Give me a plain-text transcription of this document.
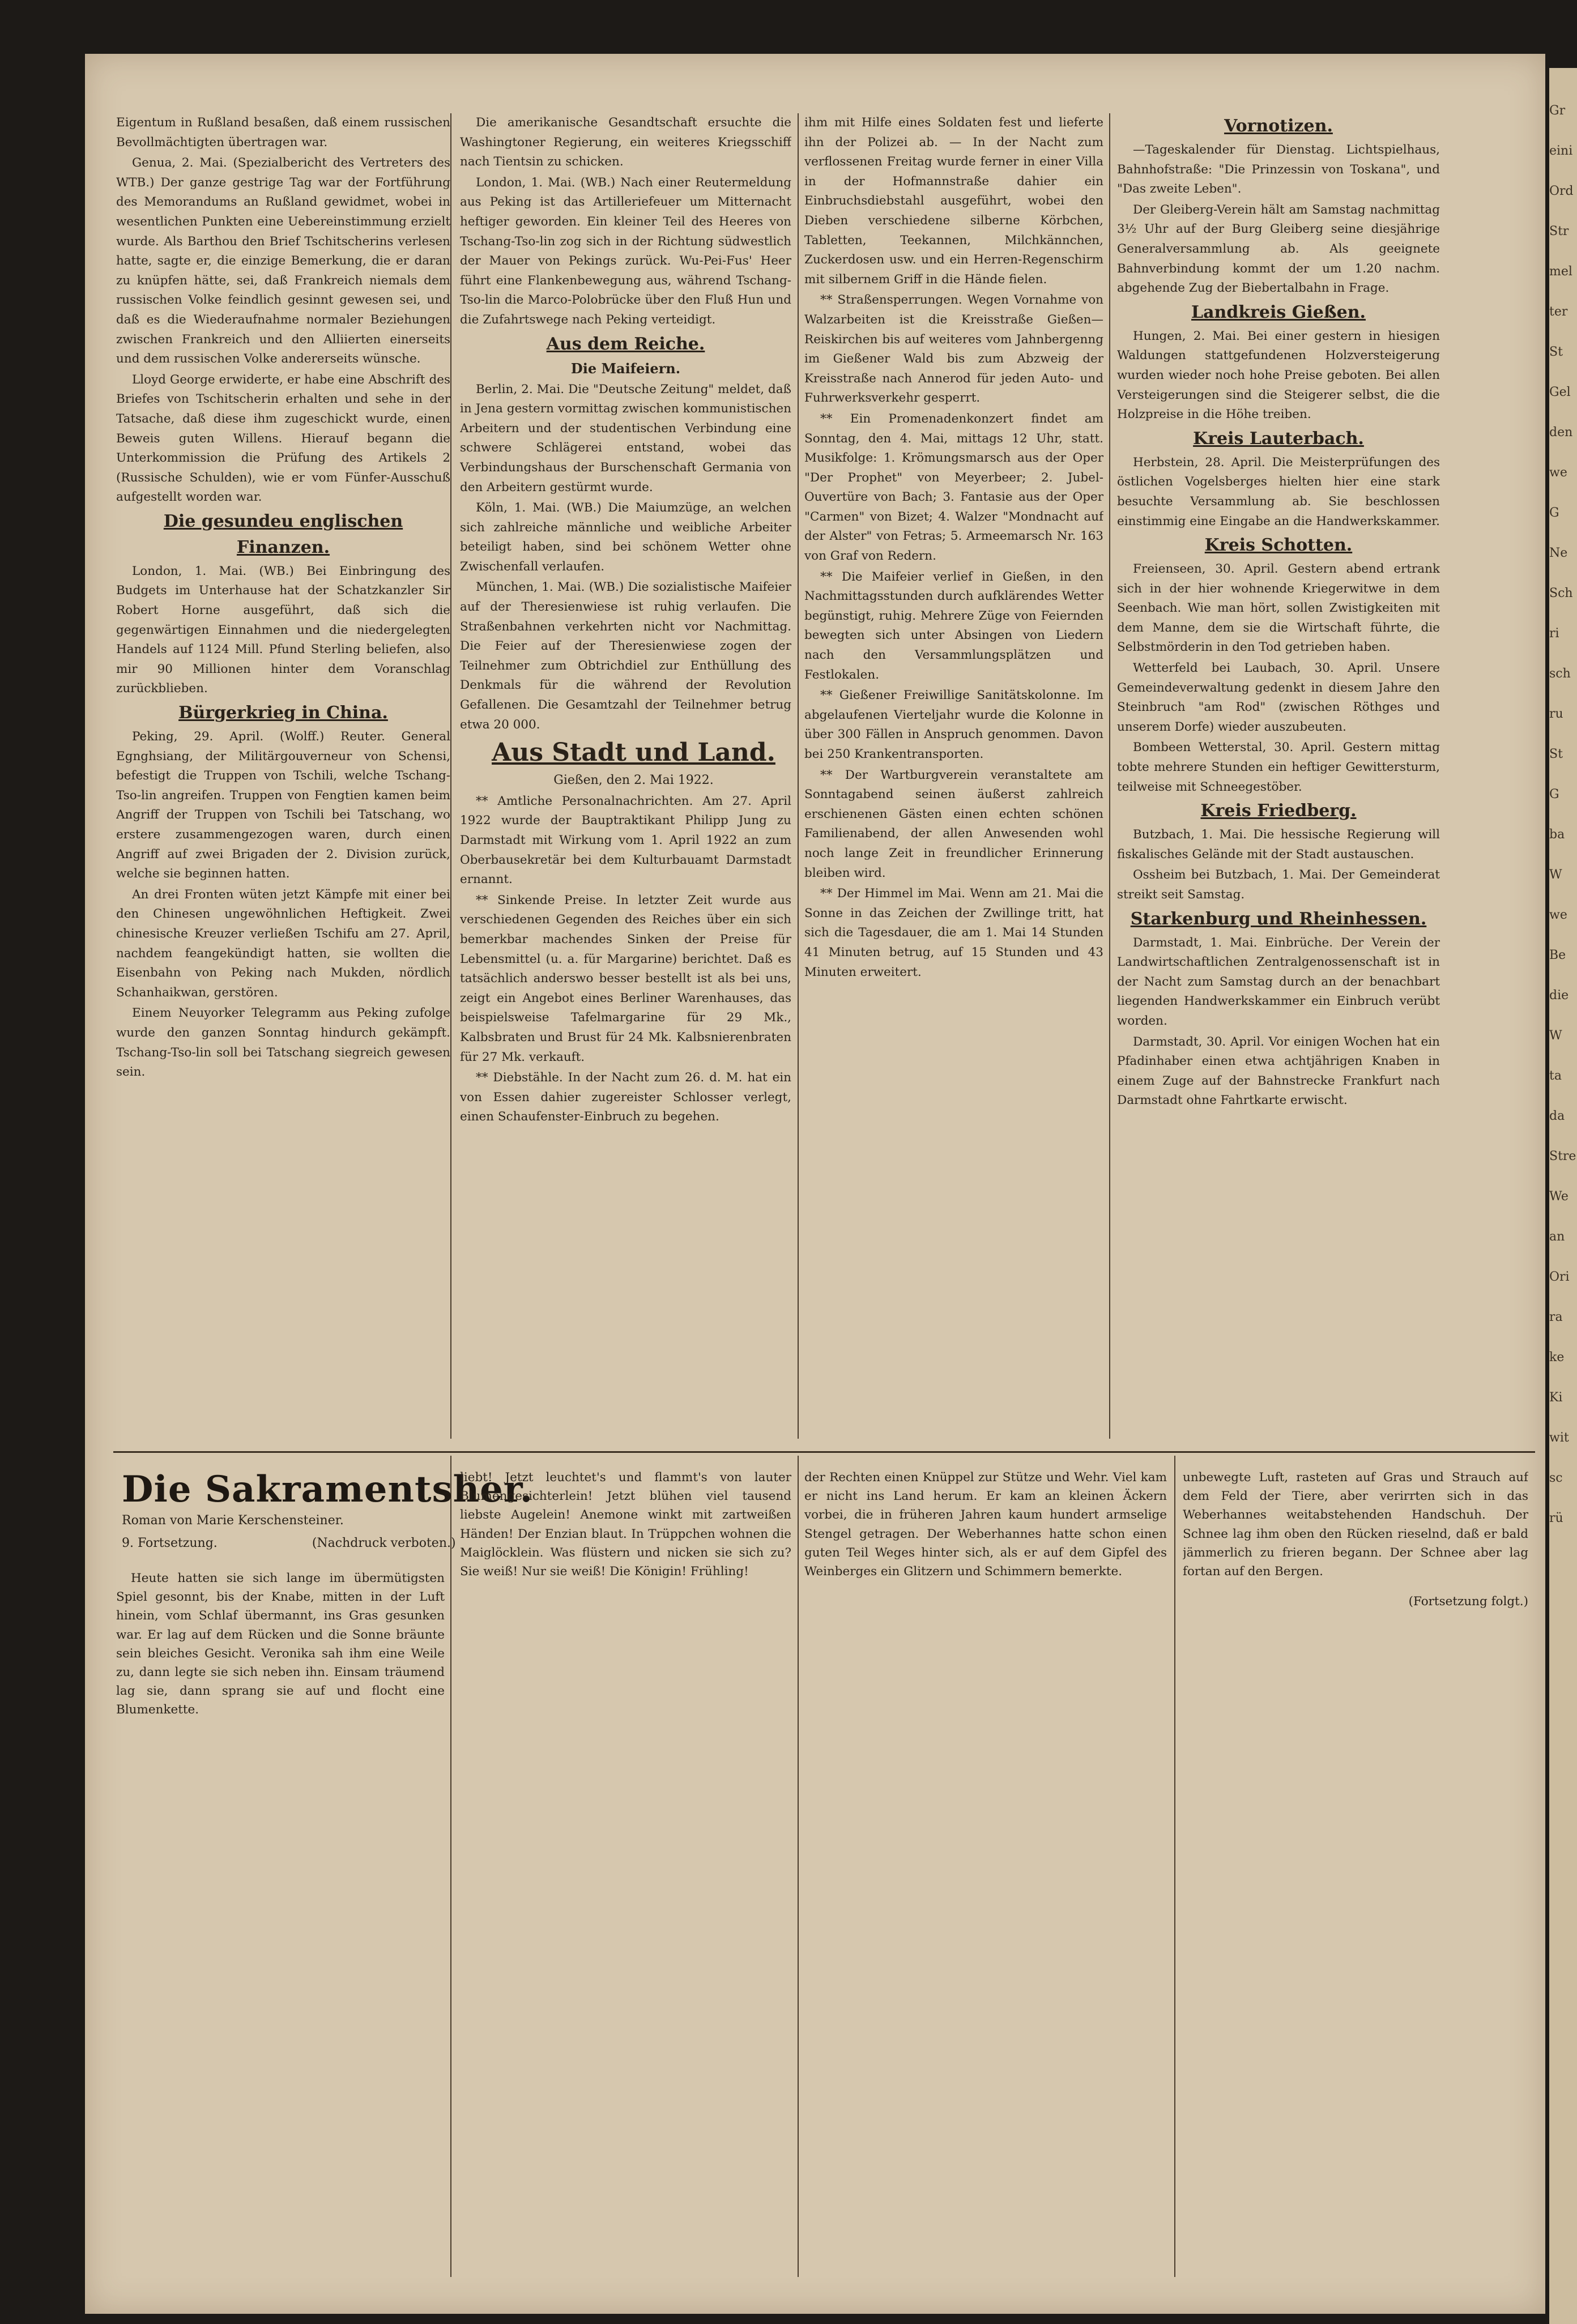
Gr
eini
Ord
Str
mel
ter
St
Gel
den
we
G
Ne
Sch
ri
sch
ru
St
G
ba
W
we
Be
die
W
ta
da
Stre
We
an
Ori
ra
ke
Ki
wit
sc
rü

Eigentum in Rußland besaßen, daß einem russischen Bevollmächtigten übertragen war.

Genua, 2. Mai. (Spezialbericht des Vertreters des WTB.) Der ganze gestrige Tag war der Fortführung des Memorandums an Rußland gewidmet, wobei in wesentlichen Punkten eine Uebereinstimmung erzielt wurde. Als Barthou den Brief Tschitscherins verlesen hatte, sagte er, die einzige Bemerkung, die er daran zu knüpfen hätte, sei, daß Frankreich niemals dem russischen Volke feindlich gesinnt gewesen sei, und daß es die Wiederaufnahme normaler Beziehungen zwischen Frankreich und den Alliierten einerseits und dem russischen Volke andererseits wünsche.

Lloyd George erwiderte, er habe eine Abschrift des Briefes von Tschitscherin erhalten und sehe in der Tatsache, daß diese ihm zugeschickt wurde, einen Beweis guten Willens. Hierauf begann die Unterkommission die Prüfung des Artikels 2 (Russische Schulden), wie er vom Fünfer-Ausschuß aufgestellt worden war.

Die gesundeu englischen Finanzen.

London, 1. Mai. (WB.) Bei Einbringung des Budgets im Unterhause hat der Schatzkanzler Sir Robert Horne ausgeführt, daß sich die gegenwärtigen Einnahmen und die niedergelegten Handels auf 1124 Mill. Pfund Sterling beliefen, also mir 90 Millionen hinter dem Voranschlag zurückblieben.

Bürgerkrieg in China.

Peking, 29. April. (Wolff.) Reuter. General Egnghsiang, der Militärgouverneur von Schensi, befestigt die Truppen von Tschili, welche Tschang-Tso-lin angreifen. Truppen von Fengtien kamen beim Angriff der Truppen von Tschili bei Tatschang, wo erstere zusammengezogen waren, durch einen Angriff auf zwei Brigaden der 2. Division zurück, welche sie beginnen hatten.

An drei Fronten wüten jetzt Kämpfe mit einer bei den Chinesen ungewöhnlichen Heftigkeit. Zwei chinesische Kreuzer verließen Tschifu am 27. April, nachdem feangekündigt hatten, sie wollten die Eisenbahn von Peking nach Mukden, nördlich Schanhaikwan, gerstören.

Einem Neuyorker Telegramm aus Peking zufolge wurde den ganzen Sonntag hindurch gekämpft. Tschang-Tso-lin soll bei Tatschang siegreich gewesen sein.

Die amerikanische Gesandtschaft ersuchte die Washingtoner Regierung, ein weiteres Kriegsschiff nach Tientsin zu schicken.

London, 1. Mai. (WB.) Nach einer Reutermeldung aus Peking ist das Artilleriefeuer um Mitternacht heftiger geworden. Ein kleiner Teil des Heeres von Tschang-Tso-lin zog sich in der Richtung südwestlich der Mauer von Pekings zurück. Wu-Pei-Fus' Heer führt eine Flankenbewegung aus, während Tschang-Tso-lin die Marco-Polobrücke über den Fluß Hun und die Zufahrtswege nach Peking verteidigt.

Aus dem Reiche.

Die Maifeiern.

Berlin, 2. Mai. Die "Deutsche Zeitung" meldet, daß in Jena gestern vormittag zwischen kommunistischen Arbeitern und der studentischen Verbindung eine schwere Schlägerei entstand, wobei das Verbindungshaus der Burschenschaft Germania von den Arbeitern gestürmt wurde.

Köln, 1. Mai. (WB.) Die Maiumzüge, an welchen sich zahlreiche männliche und weibliche Arbeiter beteiligt haben, sind bei schönem Wetter ohne Zwischenfall verlaufen.

München, 1. Mai. (WB.) Die sozialistische Maifeier auf der Theresienwiese ist ruhig verlaufen. Die Straßenbahnen verkehrten nicht vor Nachmittag. Die Feier auf der Theresienwiese zogen der Teilnehmer zum Obtrichdiel zur Enthüllung des Denkmals für die während der Revolution Gefallenen. Die Gesamtzahl der Teilnehmer betrug etwa 20 000.

Aus Stadt und Land.

Gießen, den 2. Mai 1922.

** Amtliche Personalnachrichten. Am 27. April 1922 wurde der Bauptraktikant Philipp Jung zu Darmstadt mit Wirkung vom 1. April 1922 an zum Oberbausekretär bei dem Kulturbauamt Darmstadt ernannt.

** Sinkende Preise. In letzter Zeit wurde aus verschiedenen Gegenden des Reiches über ein sich bemerkbar machendes Sinken der Preise für Lebensmittel (u. a. für Margarine) berichtet. Daß es tatsächlich anderswo besser bestellt ist als bei uns, zeigt ein Angebot eines Berliner Warenhauses, das beispielsweise Tafelmargarine für 29 Mk., Kalbsbraten und Brust für 24 Mk. Kalbsnierenbraten für 27 Mk. verkauft.

** Diebstähle. In der Nacht zum 26. d. M. hat ein von Essen dahier zugereister Schlosser verlegt, einen Schaufenster-Einbruch zu begehen.

ihm mit Hilfe eines Soldaten fest und lieferte ihn der Polizei ab. — In der Nacht zum verflossenen Freitag wurde ferner in einer Villa in der Hofmannstraße dahier ein Einbruchsdiebstahl ausgeführt, wobei den Dieben verschiedene silberne Körbchen, Tabletten, Teekannen, Milchkännchen, Zuckerdosen usw. und ein Herren-Regenschirm mit silbernem Griff in die Hände fielen.

** Straßensperrungen. Wegen Vornahme von Walzarbeiten ist die Kreisstraße Gießen—Reiskirchen bis auf weiteres vom Jahnbergenng im Gießener Wald bis zum Abzweig der Kreisstraße nach Annerod für jeden Auto- und Fuhrwerksverkehr gesperrt.

** Ein Promenadenkonzert findet am Sonntag, den 4. Mai, mittags 12 Uhr, statt. Musikfolge: 1. Krömungsmarsch aus der Oper "Der Prophet" von Meyerbeer; 2. Jubel-Ouvertüre von Bach; 3. Fantasie aus der Oper "Carmen" von Bizet; 4. Walzer "Mondnacht auf der Alster" von Fetras; 5. Armeemarsch Nr. 163 von Graf von Redern.

** Die Maifeier verlief in Gießen, in den Nachmittagsstunden durch aufklärendes Wetter begünstigt, ruhig. Mehrere Züge von Feiernden bewegten sich unter Absingen von Liedern nach den Versammlungsplätzen und Festlokalen.

** Gießener Freiwillige Sanitätskolonne. Im abgelaufenen Vierteljahr wurde die Kolonne in über 300 Fällen in Anspruch genommen. Davon bei 250 Krankentransporten.

** Der Wartburgverein veranstaltete am Sonntagabend seinen äußerst zahlreich erschienenen Gästen einen echten schönen Familienabend, der allen Anwesenden wohl noch lange Zeit in freundlicher Erinnerung bleiben wird.

** Der Himmel im Mai. Wenn am 21. Mai die Sonne in das Zeichen der Zwillinge tritt, hat sich die Tagesdauer, die am 1. Mai 14 Stunden 41 Minuten betrug, auf 15 Stunden und 43 Minuten erweitert.

Vornotizen.

—Tageskalender für Dienstag. Lichtspielhaus, Bahnhofstraße: "Die Prinzessin von Toskana", und "Das zweite Leben".

Der Gleiberg-Verein hält am Samstag nachmittag 3½ Uhr auf der Burg Gleiberg seine diesjährige Generalversammlung ab. Als geeignete Bahnverbindung kommt der um 1.20 nachm. abgehende Zug der Biebertalbahn in Frage.

Landkreis Gießen.

Hungen, 2. Mai. Bei einer gestern in hiesigen Waldungen stattgefundenen Holzversteigerung wurden wieder noch hohe Preise geboten. Bei allen Versteigerungen sind die Steigerer selbst, die die Holzpreise in die Höhe treiben.

Kreis Lauterbach.

Herbstein, 28. April. Die Meisterprüfungen des östlichen Vogelsberges hielten hier eine stark besuchte Versammlung ab. Sie beschlossen einstimmig eine Eingabe an die Handwerkskammer.

Kreis Schotten.

Freienseen, 30. April. Gestern abend ertrank sich in der hier wohnende Kriegerwitwe in dem Seenbach. Wie man hört, sollen Zwistigkeiten mit dem Manne, dem sie die Wirtschaft führte, die Selbstmörderin in den Tod getrieben haben.

Wetterfeld bei Laubach, 30. April. Unsere Gemeindeverwaltung gedenkt in diesem Jahre den Steinbruch "am Rod" (zwischen Röthges und unserem Dorfe) wieder auszubeuten.

Bombeen Wetterstal, 30. April. Gestern mittag tobte mehrere Stunden ein heftiger Gewittersturm, teilweise mit Schneegestöber.

Kreis Friedberg.

Butzbach, 1. Mai. Die hessische Regierung will fiskalisches Gelände mit der Stadt austauschen.

Ossheim bei Butzbach, 1. Mai. Der Gemeinderat streikt seit Samstag.

Starkenburg und Rheinhessen.

Darmstadt, 1. Mai. Einbrüche. Der Verein der Landwirtschaftlichen Zentralgenossenschaft ist in der Nacht zum Samstag durch an der benachbart liegenden Handwerkskammer ein Einbruch verübt worden.

Darmstadt, 30. April. Vor einigen Wochen hat ein Pfadinhaber einen etwa achtjährigen Knaben in einem Zuge auf der Bahnstrecke Frankfurt nach Darmstadt ohne Fahrtkarte erwischt.

Die Sakramentsher.
Roman von Marie Kerschensteiner.
9. Fortsetzung.	(Nachdruck verboten.)

Heute hatten sie sich lange im übermütigsten Spiel gesonnt, bis der Knabe, mitten in der Luft hinein, vom Schlaf übermannt, ins Gras gesunken war. Er lag auf dem Rücken und die Sonne bräunte sein bleiches Gesicht. Veronika sah ihm eine Weile zu, dann legte sie sich neben ihn. Einsam träumend lag sie, dann sprang sie auf und flocht eine Blumenkette.

liebt! Jetzt leuchtet's und flammt's von lauter Blumengesichterlein! Jetzt blühen viel tausend liebste Augelein! Anemone winkt mit zartweißen Händen! Der Enzian blaut. In Trüppchen wohnen die Maiglöcklein. Was flüstern und nicken sie sich zu? Sie weiß! Nur sie weiß! Die Königin! Frühling!

der Rechten einen Knüppel zur Stütze und Wehr. Viel kam er nicht ins Land herum. Er kam an kleinen Äckern vorbei, die in früheren Jahren kaum hundert armselige Stengel getragen. Der Weberhannes hatte schon einen guten Teil Weges hinter sich, als er auf dem Gipfel des Weinberges ein Glitzern und Schimmern bemerkte.

unbewegte Luft, rasteten auf Gras und Strauch auf dem Feld der Tiere, aber verirrten sich in das Weberhannes weitabstehenden Handschuh. Der Schnee lag ihm oben den Rücken rieselnd, daß er bald jämmerlich zu frieren begann. Der Schnee aber lag fortan auf den Bergen.

(Fortsetzung folgt.)
